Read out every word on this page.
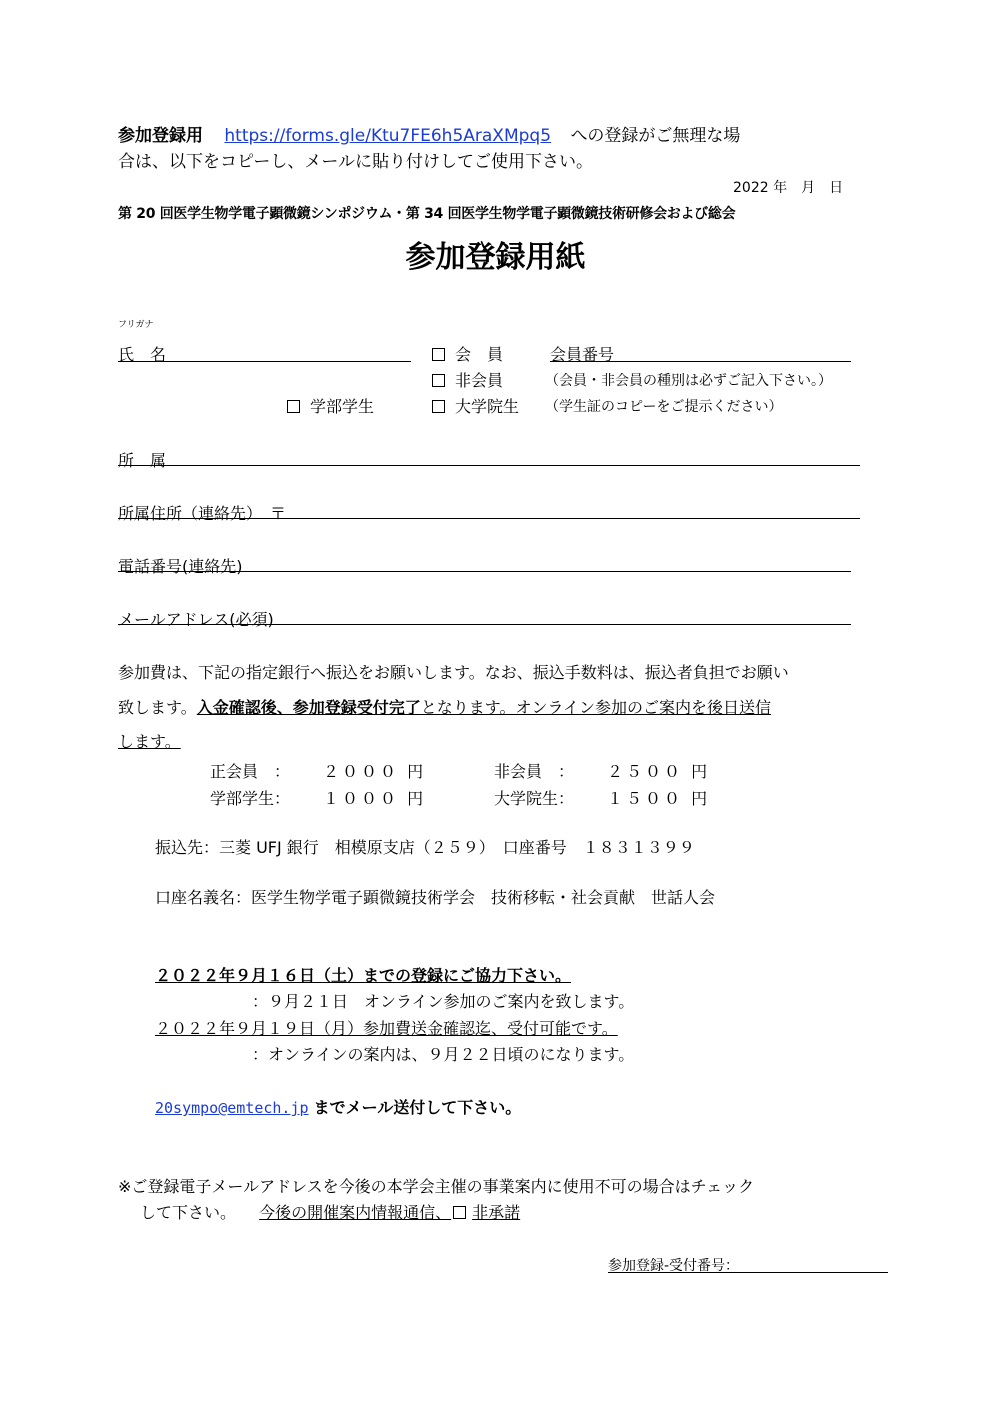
参加登録用 https://forms.gle/Ktu7FE6h5AraXMpq5 への登録がご無理な場
合は、以下をコピーし、メールに貼り付けしてご使用下さい。
2022 年　月　日
第 20 回医学生物学電子顕微鏡シンポジウム・第 34 回医学生物学電子顕微鏡技術研修会および総会
参加登録用紙
フリガナ
氏　名	会　員	会員番号
非会員	（会員・非会員の種別は必ずご記入下さい。）
学部学生	大学院生 （学生証のコピーをご提示ください）
所　属
所属住所（連絡先）　〒
電話番号(連絡先)
メールアドレス(必須)
参加費は、下記の指定銀行へ振込をお願いします。なお、振込手数料は、振込者負担でお願い
致します。入金確認後、参加登録受付完了となります。オンライン参加のご案内を後日送信
します。
正会員　： ２０００ 円	非会員　： ２５００ 円
学部学生： １０００ 円	大学院生： １５００ 円
振込先：三菱 UFJ 銀行　相模原支店（２５９）　口座番号　１８３１３９９
口座名義名：医学生物学電子顕微鏡技術学会　技術移転・社会貢献　世話人会
２０２２年９月１６日（土）までの登録にご協力下さい。
：９月２１日　オンライン参加のご案内を致します。
２０２２年９月１９日（月）参加費送金確認迄、受付可能です。
：オンラインの案内は、９月２２日頃のになります。
20sympo@emtech.jp までメール送付して下さい。
※ご登録電子メールアドレスを今後の本学会主催の事業案内に使用不可の場合はチェック
して下さい。 今後の開催案内情報通信、 非承諾
参加登録-受付番号：
